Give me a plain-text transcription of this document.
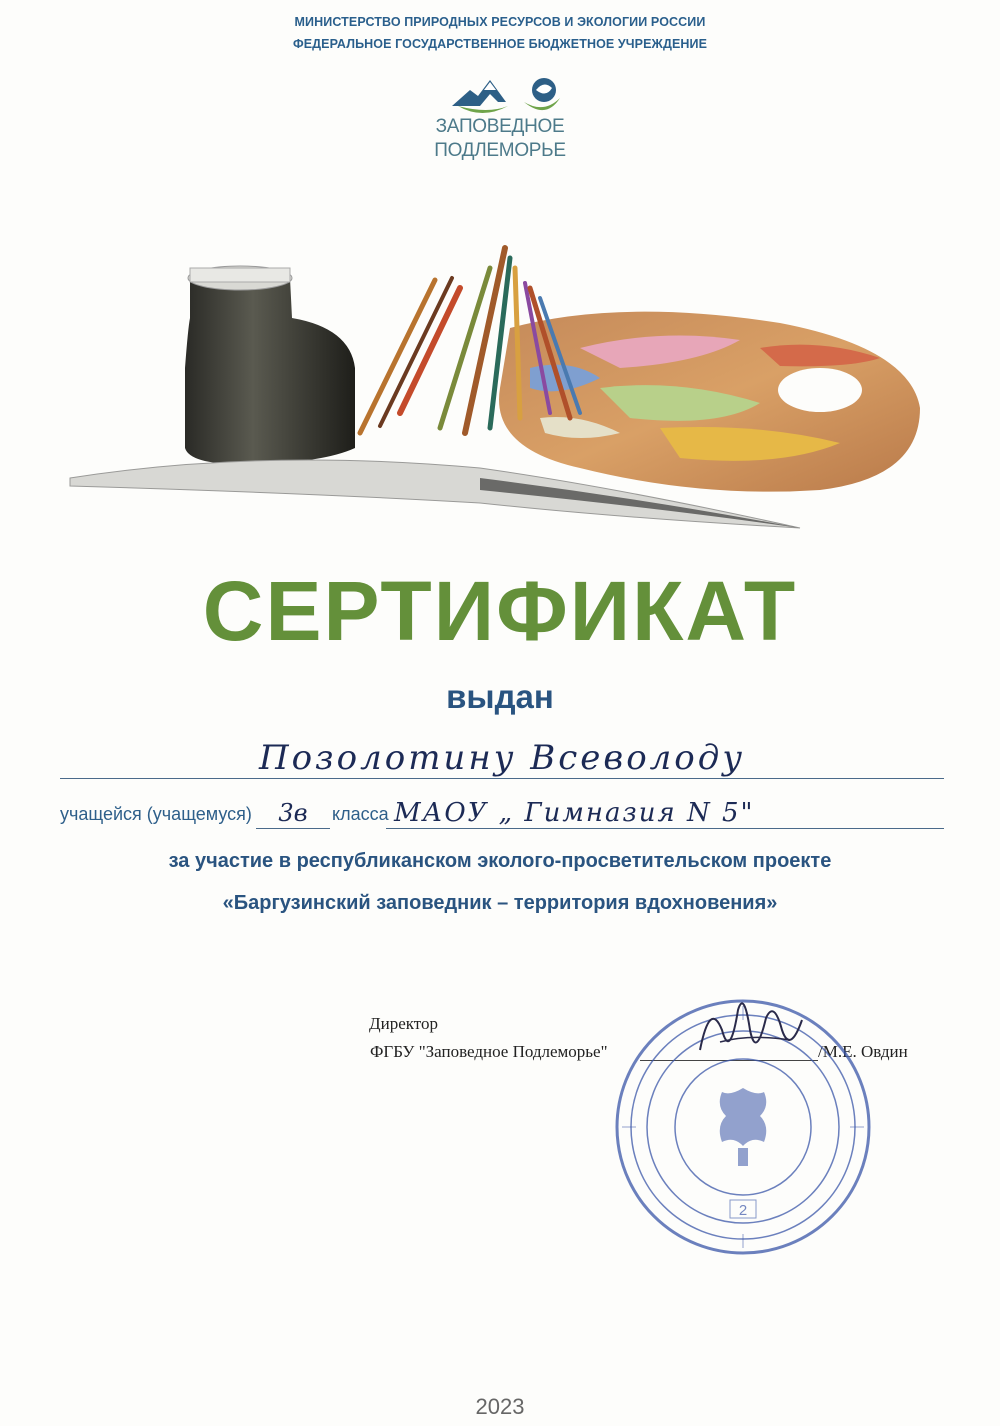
МИНИСТЕРСТВО ПРИРОДНЫХ РЕСУРСОВ И ЭКОЛОГИИ РОССИИ
ФЕДЕРАЛЬНОЕ ГОСУДАРСТВЕННОЕ БЮДЖЕТНОЕ УЧРЕЖДЕНИЕ
ЗАПОВЕДНОЕ
ПОДЛЕМОРЬЕ
СЕРТИФИКАТ
выдан
Позолотину Всеволоду
учащейся (учащемуся)	3в	класса МАОУ „ Гимназия N 5"
за участие в республиканском эколого-просветительском проекте
«Баргузинский заповедник – территория вдохновения»
Директор
ФГБУ "Заповедное Подлеморье"	/М.Е. Овдин
2
2023
